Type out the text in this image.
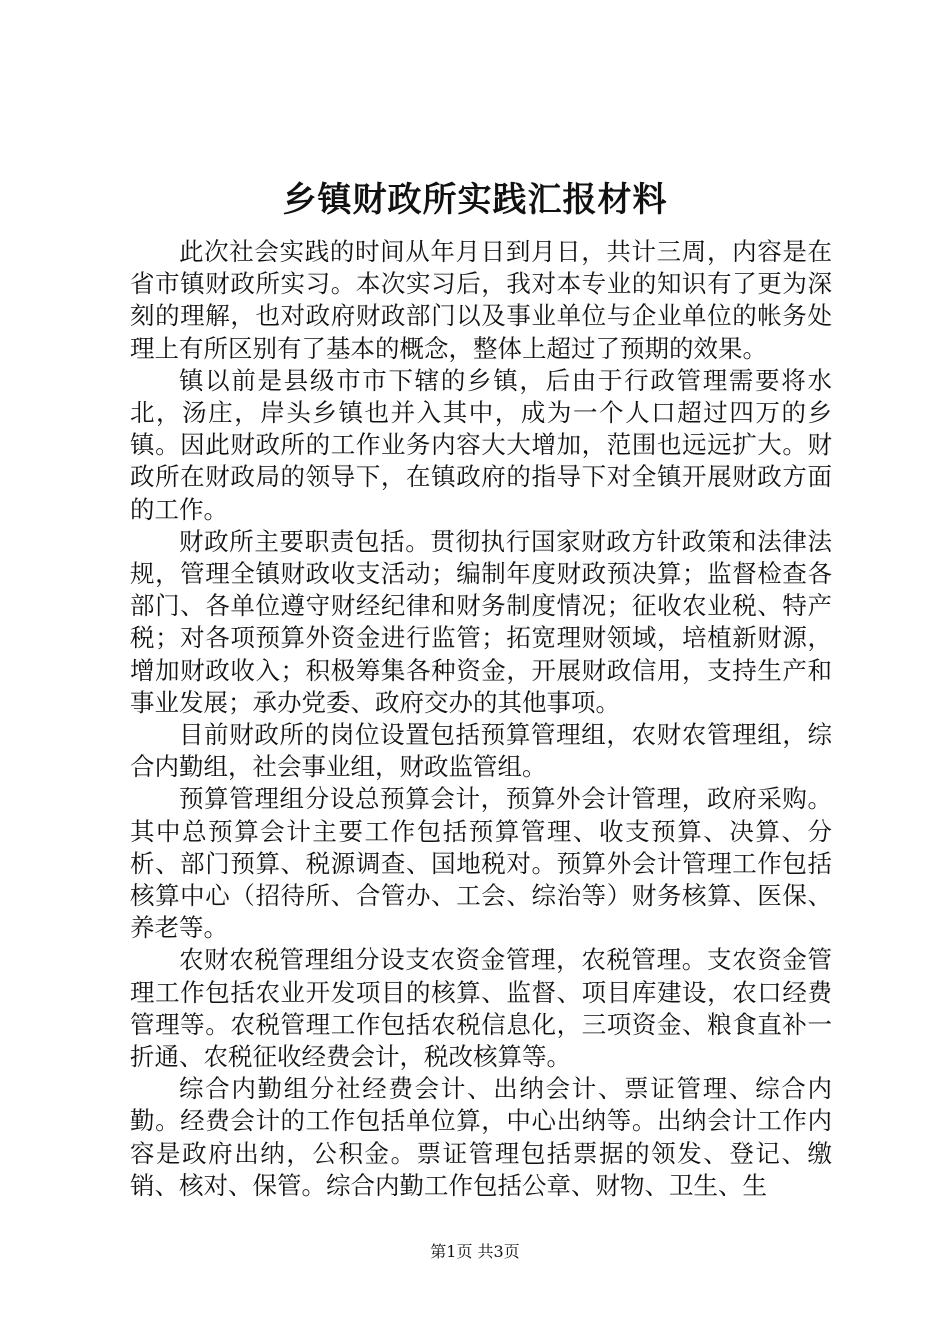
乡镇财政所实践汇报材料

此次社会实践的时间从年月日到月日，共计三周，内容是在省市镇财政所实习。本次实习后，我对本专业的知识有了更为深刻的理解，也对政府财政部门以及事业单位与企业单位的帐务处理上有所区别有了基本的概念，整体上超过了预期的效果。

镇以前是县级市市下辖的乡镇，后由于行政管理需要将水北，汤庄，岸头乡镇也并入其中，成为一个人口超过四万的乡镇。因此财政所的工作业务内容大大增加，范围也远远扩大。财政所在财政局的领导下，在镇政府的指导下对全镇开展财政方面的工作。

财政所主要职责包括。贯彻执行国家财政方针政策和法律法规，管理全镇财政收支活动；编制年度财政预决算；监督检查各部门、各单位遵守财经纪律和财务制度情况；征收农业税、特产税；对各项预算外资金进行监管；拓宽理财领域，培植新财源，增加财政收入；积极筹集各种资金，开展财政信用，支持生产和事业发展；承办党委、政府交办的其他事项。

目前财政所的岗位设置包括预算管理组，农财农管理组，综合内勤组，社会事业组，财政监管组。

预算管理组分设总预算会计，预算外会计管理，政府采购。其中总预算会计主要工作包括预算管理、收支预算、决算、分析、部门预算、税源调查、国地税对。预算外会计管理工作包括核算中心（招待所、合管办、工会、综治等）财务核算、医保、养老等。

农财农税管理组分设支农资金管理，农税管理。支农资金管理工作包括农业开发项目的核算、监督、项目库建设，农口经费管理等。农税管理工作包括农税信息化，三项资金、粮食直补一折通、农税征收经费会计，税改核算等。

综合内勤组分社经费会计、出纳会计、票证管理、综合内勤。经费会计的工作包括单位算，中心出纳等。出纳会计工作内容是政府出纳，公积金。票证管理包括票据的领发、登记、缴销、核对、保管。综合内勤工作包括公章、财物、卫生、生

第1页 共3页
